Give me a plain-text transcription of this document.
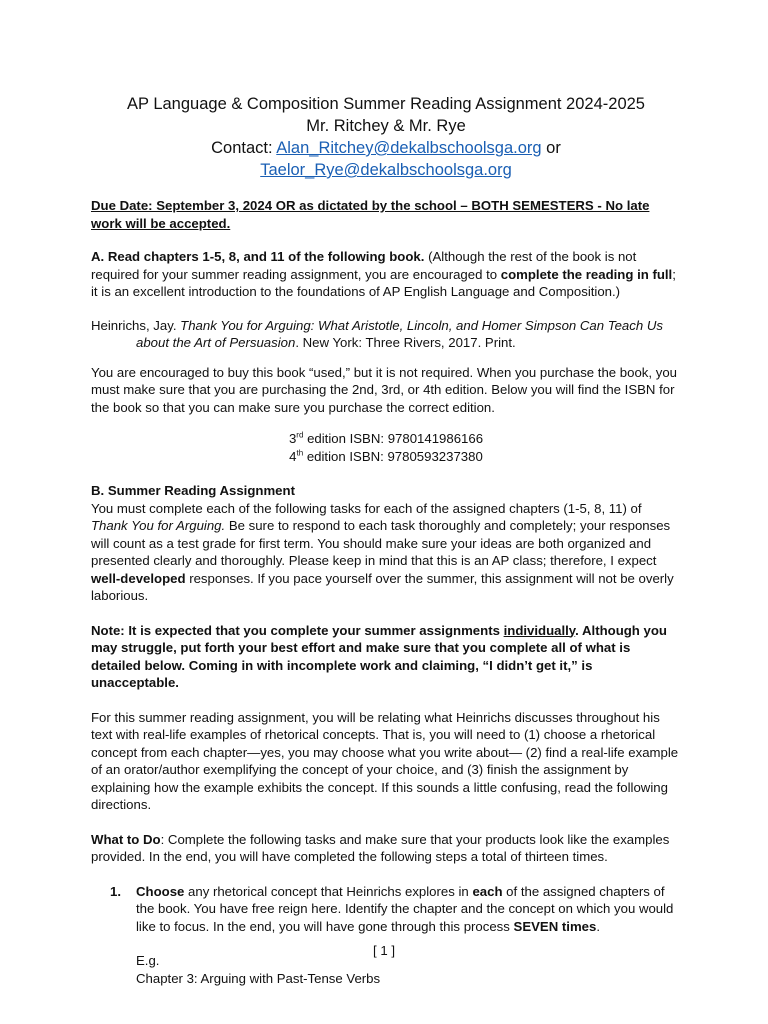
AP Language & Composition Summer Reading Assignment 2024-2025
Mr. Ritchey & Mr. Rye
Contact: Alan_Ritchey@dekalbschoolsga.org or Taelor_Rye@dekalbschoolsga.org

Due Date: September 3, 2024 OR as dictated by the school – BOTH SEMESTERS - No late work will be accepted.

A. Read chapters 1-5, 8, and 11 of the following book. (Although the rest of the book is not required for your summer reading assignment, you are encouraged to complete the reading in full; it is an excellent introduction to the foundations of AP English Language and Composition.)

Heinrichs, Jay. Thank You for Arguing: What Aristotle, Lincoln, and Homer Simpson Can Teach Us about the Art of Persuasion. New York: Three Rivers, 2017. Print.

You are encouraged to buy this book “used,” but it is not required. When you purchase the book, you must make sure that you are purchasing the 2nd, 3rd, or 4th edition. Below you will find the ISBN for the book so that you can make sure you purchase the correct edition.

3rd edition ISBN: 9780141986166
4th edition ISBN: 9780593237380
B. Summer Reading Assignment

You must complete each of the following tasks for each of the assigned chapters (1-5, 8, 11) of Thank You for Arguing. Be sure to respond to each task thoroughly and completely; your responses will count as a test grade for first term. You should make sure your ideas are both organized and presented clearly and thoroughly. Please keep in mind that this is an AP class; therefore, I expect well-developed responses. If you pace yourself over the summer, this assignment will not be overly laborious.

Note: It is expected that you complete your summer assignments individually. Although you may struggle, put forth your best effort and make sure that you complete all of what is detailed below. Coming in with incomplete work and claiming, “I didn’t get it,” is unacceptable.

For this summer reading assignment, you will be relating what Heinrichs discusses throughout his text with real-life examples of rhetorical concepts. That is, you will need to (1) choose a rhetorical concept from each chapter—yes, you may choose what you write about— (2) find a real-life example of an orator/author exemplifying the concept of your choice, and (3) finish the assignment by explaining how the example exhibits the concept. If this sounds a little confusing, read the following directions.

What to Do: Complete the following tasks and make sure that your products look like the examples provided. In the end, you will have completed the following steps a total of thirteen times.

1. Choose any rhetorical concept that Heinrichs explores in each of the assigned chapters of the book. You have free reign here. Identify the chapter and the concept on which you would like to focus. In the end, you will have gone through this process SEVEN times.
E.g.
Chapter 3: Arguing with Past-Tense Verbs
[ 1 ]
